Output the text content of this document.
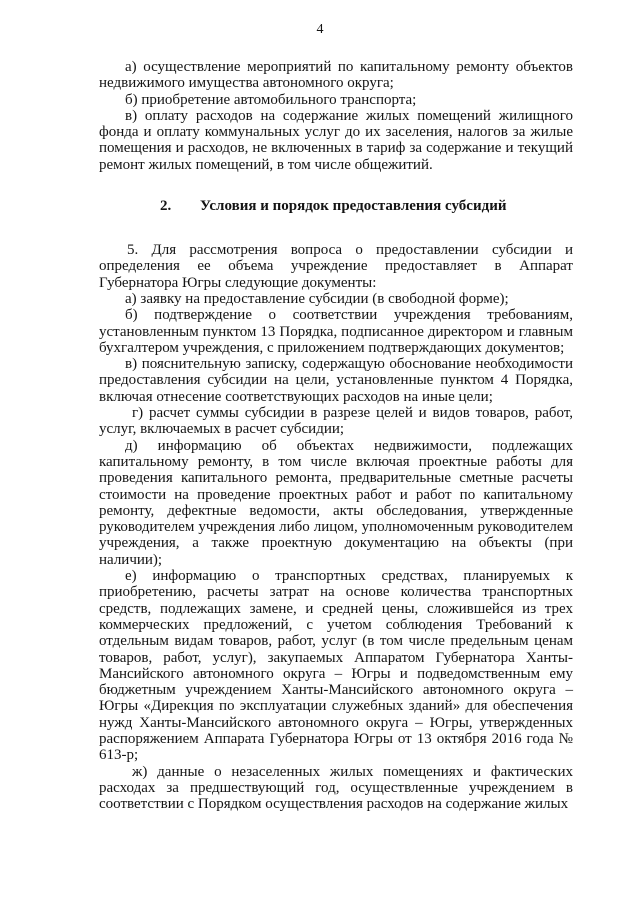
4

а) осуществление мероприятий по капитальному ремонту объектов недвижимого имущества автономного округа;

б) приобретение автомобильного транспорта;

в) оплату расходов на содержание жилых помещений жилищного фонда и оплату коммунальных услуг до их заселения, налогов за жилые помещения и расходов, не включенных в тариф за содержание и текущий ремонт жилых помещений, в том числе общежитий.

2. Условия и порядок предоставления субсидий

5. Для рассмотрения вопроса о предоставлении субсидии и определения ее объема учреждение предоставляет в Аппарат Губернатора Югры следующие документы:

а) заявку на предоставление субсидии (в свободной форме);

б) подтверждение о соответствии учреждения требованиям, установленным пунктом 13 Порядка, подписанное директором и главным бухгалтером учреждения, с приложением подтверждающих документов;

в) пояснительную записку, содержащую обоснование необходимости предоставления субсидии на цели, установленные пунктом 4 Порядка, включая отнесение соответствующих расходов на иные цели;

г) расчет суммы субсидии в разрезе целей и видов товаров, работ, услуг, включаемых в расчет субсидии;

д) информацию об объектах недвижимости, подлежащих капитальному ремонту, в том числе включая проектные работы для проведения капитального ремонта, предварительные сметные расчеты стоимости на проведение проектных работ и работ по капитальному ремонту, дефектные ведомости, акты обследования, утвержденные руководителем учреждения либо лицом, уполномоченным руководителем учреждения, а также проектную документацию на объекты (при наличии);

е) информацию о транспортных средствах, планируемых к приобретению, расчеты затрат на основе количества транспортных средств, подлежащих замене, и средней цены, сложившейся из трех коммерческих предложений, с учетом соблюдения Требований к отдельным видам товаров, работ, услуг (в том числе предельным ценам товаров, работ, услуг), закупаемых Аппаратом Губернатора Ханты-Мансийского автономного округа – Югры и подведомственным ему бюджетным учреждением Ханты-Мансийского автономного округа – Югры «Дирекция по эксплуатации служебных зданий» для обеспечения нужд Ханты-Мансийского автономного округа – Югры, утвержденных распоряжением Аппарата Губернатора Югры от 13 октября 2016 года № 613-р;

ж) данные о незаселенных жилых помещениях и фактических расходах за предшествующий год, осуществленные учреждением в соответствии с Порядком осуществления расходов на содержание жилых
